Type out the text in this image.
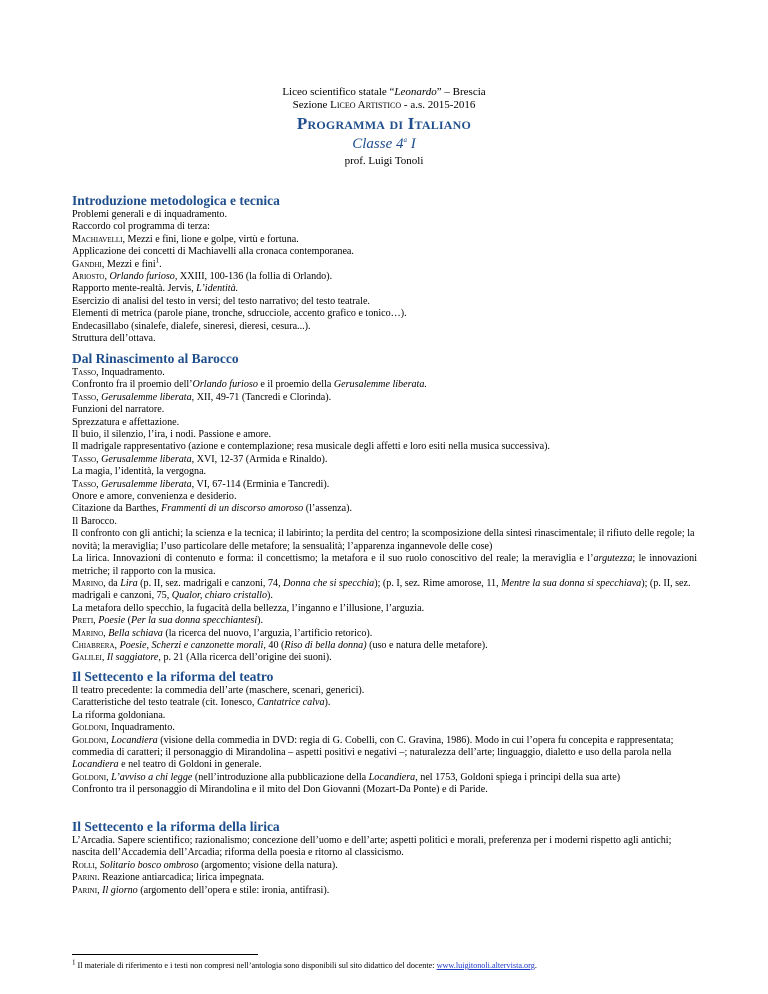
Liceo scientifico statale “Leonardo” – Brescia
Sezione Liceo Artistico - a.s. 2015-2016
Programma di Italiano
Classe 4$^a$ I
prof. Luigi Tonoli
Introduzione metodologica e tecnica
Problemi generali e di inquadramento.
Raccordo col programma di terza:
Machiavelli, Mezzi e fini, lione e golpe, virtù e fortuna.
Applicazione dei concetti di Machiavelli alla cronaca contemporanea.
Gandhi, Mezzi e fini$^1$.
Ariosto, Orlando furioso, XXIII, 100-136 (la follia di Orlando).
Rapporto mente-realtà. Jervis, L’identità.
Esercizio di analisi del testo in versi; del testo narrativo; del testo teatrale.
Elementi di metrica (parole piane, tronche, sdrucciole, accento grafico e tonico…).
Endecasillabo (sinalefe, dialefe, sineresi, dieresi, cesura...).
Struttura dell’ottava.
Dal Rinascimento al Barocco
Tasso, Inquadramento.
Confronto fra il proemio dell’Orlando furioso e il proemio della Gerusalemme liberata.
Tasso, Gerusalemme liberata, XII, 49-71 (Tancredi e Clorinda).
Funzioni del narratore.
Sprezzatura e affettazione.
Il buio, il silenzio, l’ira, i nodi. Passione e amore.
Il madrigale rappresentativo (azione e contemplazione; resa musicale degli affetti e loro esiti nella musica successiva).
Tasso, Gerusalemme liberata, XVI, 12-37 (Armida e Rinaldo).
La magia, l’identità, la vergogna.
Tasso, Gerusalemme liberata, VI, 67-114 (Erminia e Tancredi).
Onore e amore, convenienza e desiderio.
Citazione da Barthes, Frammenti di un discorso amoroso (l’assenza).
Il Barocco.
Il confronto con gli antichi; la scienza e la tecnica; il labirinto; la perdita del centro; la scomposizione della sintesi rinascimentale; il rifiuto delle regole; la novità; la meraviglia; l’uso particolare delle metafore; la sensualità; l’apparenza ingannevole delle cose)
La lirica. Innovazioni di contenuto e forma: il concettismo; la metafora e il suo ruolo conoscitivo del reale; la meraviglia e l’argutezza; le innovazioni metriche; il rapporto con la musica.
Marino, da Lira (p. II, sez. madrigali e canzoni, 74, Donna che si specchia); (p. I, sez. Rime amorose, 11, Mentre la sua donna si specchiava); (p. II, sez. madrigali e canzoni, 75, Qualor, chiaro cristallo).
La metafora dello specchio, la fugacità della bellezza, l’inganno e l’illusione, l’arguzia.
Preti, Poesie (Per la sua donna specchiantesi).
Marino, Bella schiava (la ricerca del nuovo, l’arguzia, l’artificio retorico).
Chiabrera, Poesie, Scherzi e canzonette morali, 40 (Riso di bella donna) (uso e natura delle metafore).
Galilei, Il saggiatore, p. 21 (Alla ricerca dell’origine dei suoni).
Il Settecento e la riforma del teatro
Il teatro precedente: la commedia dell’arte (maschere, scenari, generici).
Caratteristiche del testo teatrale (cit. Ionesco, Cantatrice calva).
La riforma goldoniana.
Goldoni, Inquadramento.
Goldoni, Locandiera (visione della commedia in DVD: regia di G. Cobelli, con C. Gravina, 1986). Modo in cui l’opera fu concepita e rappresentata; commedia di caratteri; il personaggio di Mirandolina – aspetti positivi e negativi –; naturalezza dell’arte; linguaggio, dialetto e uso della parola nella Locandiera e nel teatro di Goldoni in generale.
Goldoni, L’avviso a chi legge (nell’introduzione alla pubblicazione della Locandiera, nel 1753, Goldoni spiega i principi della sua arte)
Confronto tra il personaggio di Mirandolina e il mito del Don Giovanni (Mozart-Da Ponte) e di Paride.
Il Settecento e la riforma della lirica
L’Arcadia. Sapere scientifico; razionalismo; concezione dell’uomo e dell’arte; aspetti politici e morali, preferenza per i moderni rispetto agli antichi; nascita dell’Accademia dell’Arcadia; riforma della poesia e ritorno al classicismo.
Rolli, Solitario bosco ombroso (argomento; visione della natura).
Parini. Reazione antiarcadica; lirica impegnata.
Parini, Il giorno (argomento dell’opera e stile: ironia, antifrasi).
$^1$ Il materiale di riferimento e i testi non compresi nell’antologia sono disponibili sul sito didattico del docente: www.luigitonoli.altervista.org.
